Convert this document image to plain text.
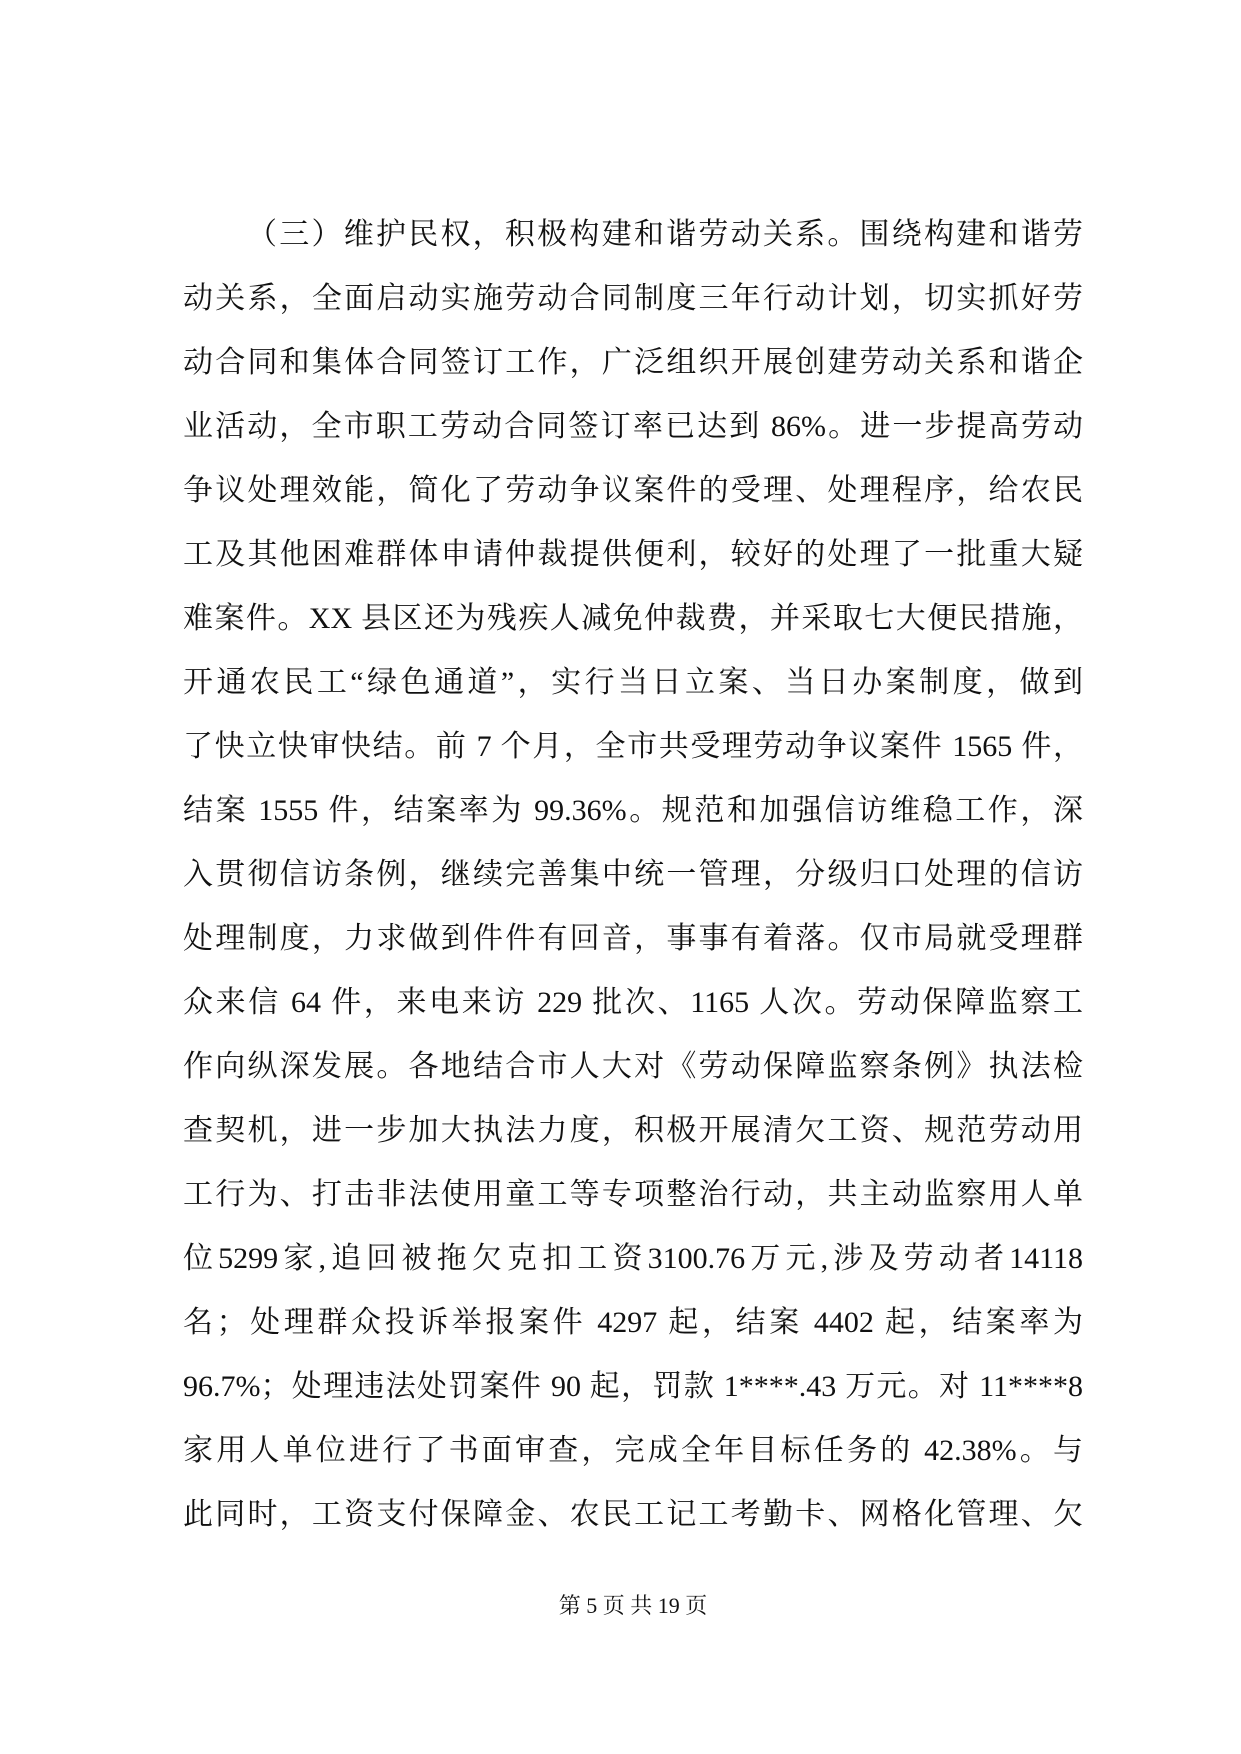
（三）维护民权，积极构建和谐劳动关系。围绕构建和谐劳
动关系，全面启动实施劳动合同制度三年行动计划，切实抓好劳
动合同和集体合同签订工作，广泛组织开展创建劳动关系和谐企
业活动，全市职工劳动合同签订率已达到 86%。进一步提高劳动
争议处理效能，简化了劳动争议案件的受理、处理程序，给农民
工及其他困难群体申请仲裁提供便利，较好的处理了一批重大疑
难案件。XX 县区还为残疾人减免仲裁费，并采取七大便民措施，
开通农民工“绿色通道”，实行当日立案、当日办案制度，做到
了快立快审快结。前 7 个月，全市共受理劳动争议案件 1565 件，
结案 1555 件，结案率为 99.36%。规范和加强信访维稳工作，深
入贯彻信访条例，继续完善集中统一管理，分级归口处理的信访
处理制度，力求做到件件有回音，事事有着落。仅市局就受理群
众来信 64 件，来电来访 229 批次、1165 人次。劳动保障监察工
作向纵深发展。各地结合市人大对《劳动保障监察条例》执法检
查契机，进一步加大执法力度，积极开展清欠工资、规范劳动用
工行为、打击非法使用童工等专项整治行动，共主动监察用人单
位5299家,追回被拖欠克扣工资3100.76万元,涉及劳动者14118
名；处理群众投诉举报案件 4297 起，结案 4402 起，结案率为
96.7%；处理违法处罚案件 90 起，罚款 1****.43 万元。对 11****8
家用人单位进行了书面审查，完成全年目标任务的 42.38%。与
此同时，工资支付保障金、农民工记工考勤卡、网格化管理、欠
第 5 页 共 19 页
